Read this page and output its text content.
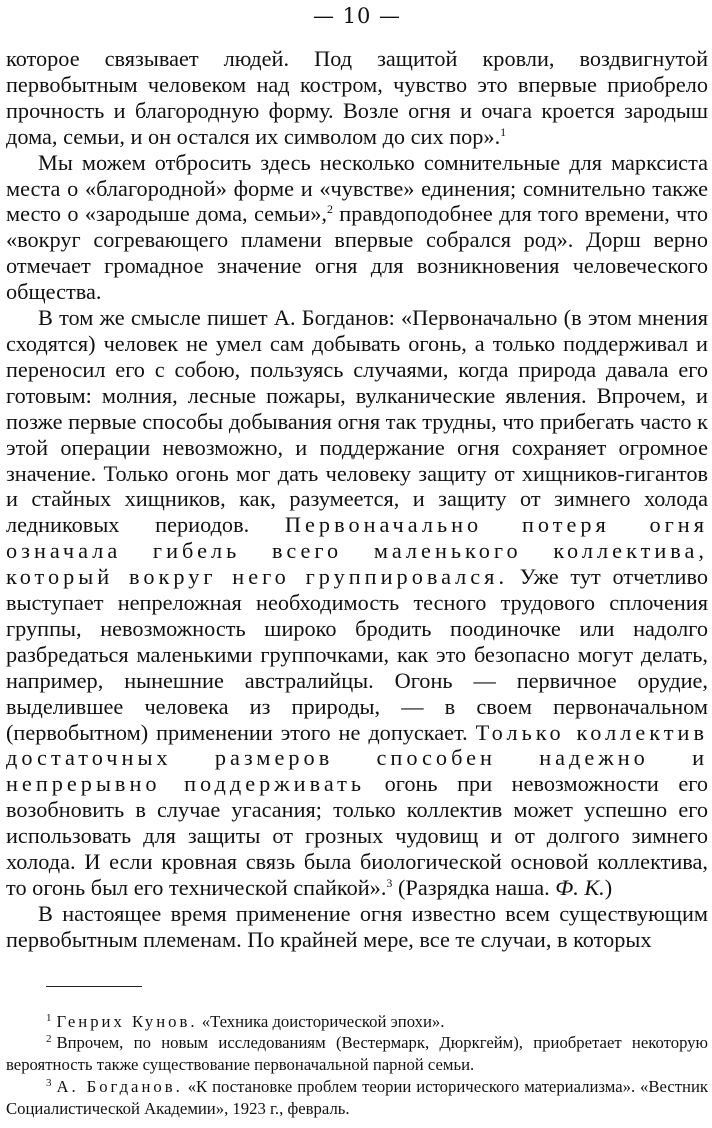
— 10 —

которое связывает людей. Под защитой кровли, воздвигнутой первобытным человеком над костром, чувство это впервые приобрело прочность и благородную форму. Возле огня и очага кроется зародыш дома, семьи, и он остался их символом до сих пор».$^1$

Мы можем отбросить здесь несколько сомнительные для марксиста места о «благородной» форме и «чувстве» единения; сомнительно также место о «зародыше дома, семьи»,$^2$ правдоподобнее для того времени, что «вокруг согревающего пламени впервые собрался род». Дорш верно отмечает громадное значение огня для возникновения человеческого общества.

В том же смысле пишет А. Богданов: «Первоначально (в этом мнения сходятся) человек не умел сам добывать огонь, а только поддерживал и переносил его с собою, пользуясь случаями, когда природа давала его готовым: молния, лесные пожары, вулканические явления. Впрочем, и позже первые способы добывания огня так трудны, что прибегать часто к этой операции невозможно, и поддержание огня сохраняет огромное значение. Только огонь мог дать человеку защиту от хищников-гигантов и стайных хищников, как, разумеется, и защиту от зимнего холода ледниковых периодов. Первоначально потеря огня означала гибель всего маленького коллектива, который вокруг него группировался. Уже тут отчетливо выступает непреложная необходимость тесного трудового сплочения группы, невозможность широко бродить поодиночке или надолго разбредаться маленькими группочками, как это безопасно могут делать, например, нынешние австралийцы. Огонь — первичное орудие, выделившее человека из природы, — в своем первоначальном (первобытном) применении этого не допускает. Только коллектив достаточных размеров способен надежно и непрерывно поддерживать огонь при невозможности его возобновить в случае угасания; только коллектив может успешно его использовать для защиты от грозных чудовищ и от долгого зимнего холода. И если кровная связь была биологической основой коллектива, то огонь был его технической спайкой».$^3$ (Разрядка наша. Ф. К.)

В настоящее время применение огня известно всем существующим первобытным племенам. По крайней мере, все те случаи, в которых

$^1$ Генрих Кунов. «Техника доисторической эпохи».

$^2$ Впрочем, по новым исследованиям (Вестермарк, Дюркгейм), приобретает некоторую вероятность также существование первоначальной парной семьи.

$^3$ А. Богданов. «К постановке проблем теории исторического материализма». «Вестник Социалистической Академии», 1923 г., февраль.
